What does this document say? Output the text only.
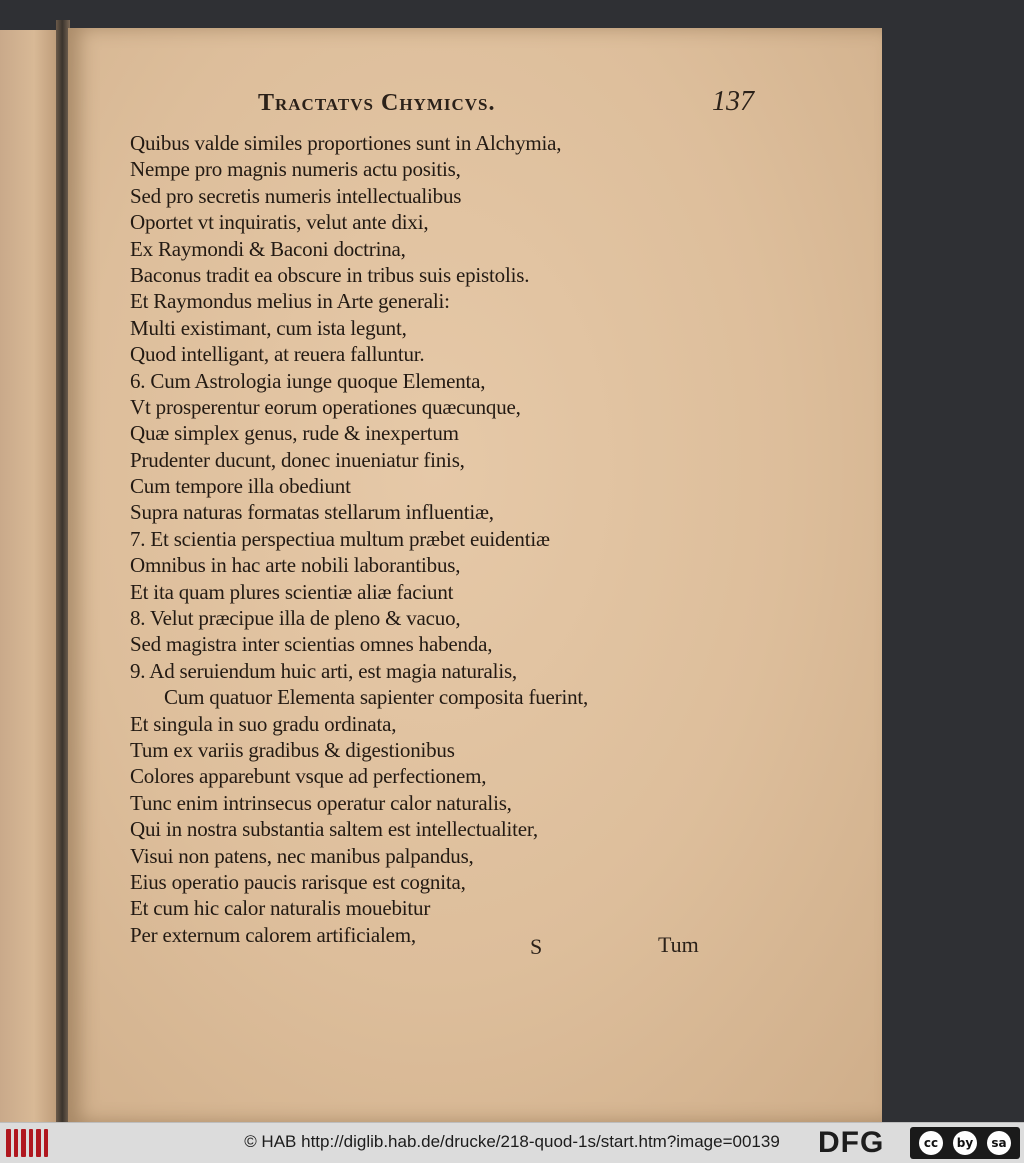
Tractatvs Chymicvs.	137
Quibus valde similes proportiones sunt in Alchymia,
Nempe pro magnis numeris actu positis,
Sed pro secretis numeris intellectualibus
Oportet vt inquiratis, velut ante dixi,
Ex Raymondi & Baconi doctrina,
Baconus tradit ea obscure in tribus suis epistolis.
Et Raymondus melius in Arte generali:
Multi existimant, cum ista legunt,
Quod intelligant, at reuera falluntur.
6. Cum Astrologia iunge quoque Elementa,
Vt prosperentur eorum operationes quæcunque,
Quæ simplex genus, rude & inexpertum
Prudenter ducunt, donec inueniatur finis,
Cum tempore illa obediunt
Supra naturas formatas stellarum influentiæ,
7. Et scientia perspectiua multum præbet euidentiæ
Omnibus in hac arte nobili laborantibus,
Et ita quam plures scientiæ aliæ faciunt
8. Velut præcipue illa de pleno & vacuo,
Sed magistra inter scientias omnes habenda,
9. Ad seruiendum huic arti, est magia naturalis,
Cum quatuor Elementa sapienter composita fuerint,
Et singula in suo gradu ordinata,
Tum ex variis gradibus & digestionibus
Colores apparebunt vsque ad perfectionem,
Tunc enim intrinsecus operatur calor naturalis,
Qui in nostra substantia saltem est intellectualiter,
Visui non patens, nec manibus palpandus,
Eius operatio paucis rarisque est cognita,
Et cum hic calor naturalis mouebitur
Per externum calorem artificialem,	S	Tum
© HAB http://diglib.hab.de/drucke/218-quod-1s/start.htm?image=00139	DFG	cc	by	sa
